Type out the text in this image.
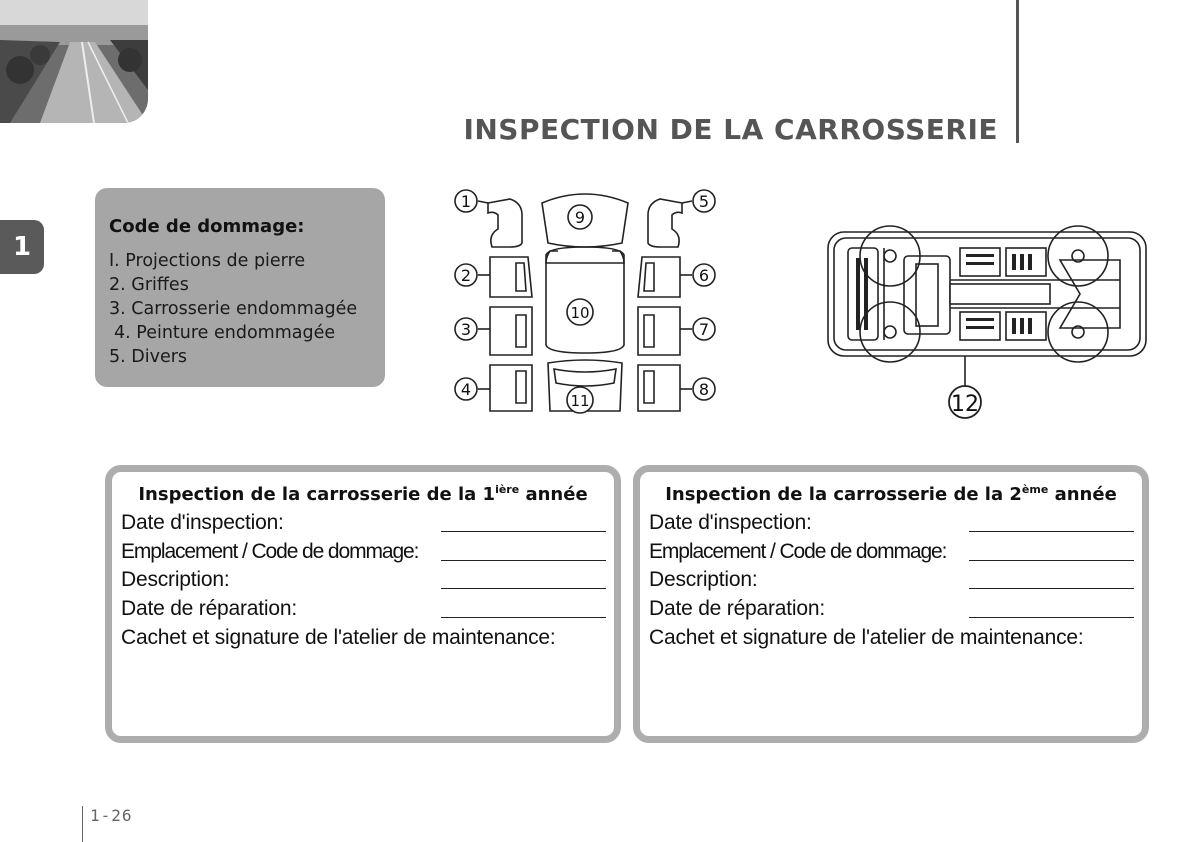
INSPECTION DE LA CARROSSERIE
1

Code de dommage:

I. Projections de pierre
2. Griffes
3. Carrosserie endommagée
4. Peinture endommagée
5. Divers
1
2
3
4
5
6
7
8
9
10
11	12

Inspection de la carrosserie de la $1^{ière}$ année

Date d'inspection:
Emplacement / Code de dommage:
Description:
Date de réparation:
Cachet et signature de l'atelier de maintenance:

Inspection de la carrosserie de la 2ème année

Date d'inspection:
Emplacement / Code de dommage:
Description:
Date de réparation:
Cachet et signature de l'atelier de maintenance:
1-26
